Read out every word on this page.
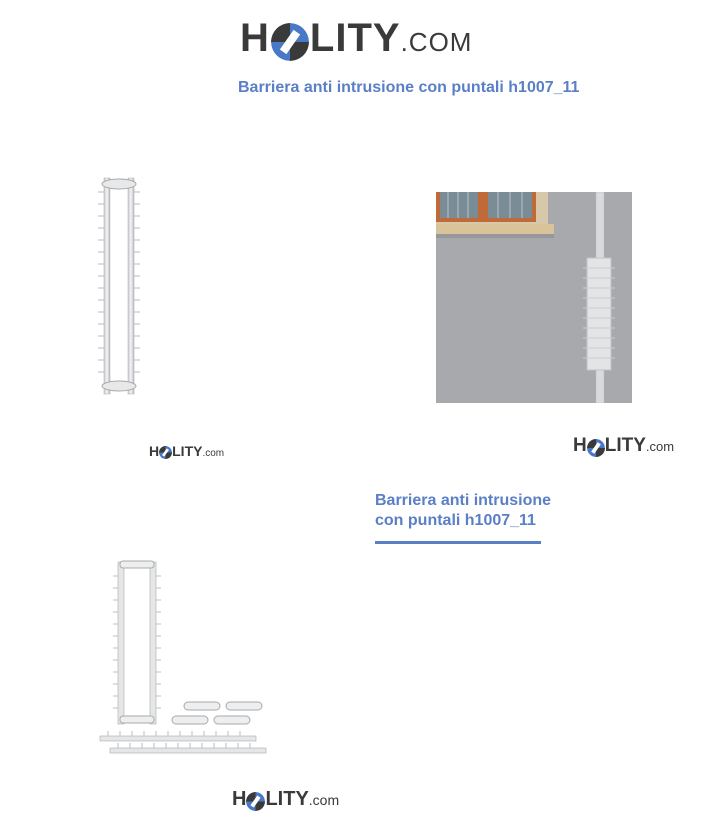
H LITY .COM
Barriera anti intrusione con puntali h1007_11
H LITY .com	H LITY .com
Barriera anti intrusione
con puntali h1007_11
H LITY .com
